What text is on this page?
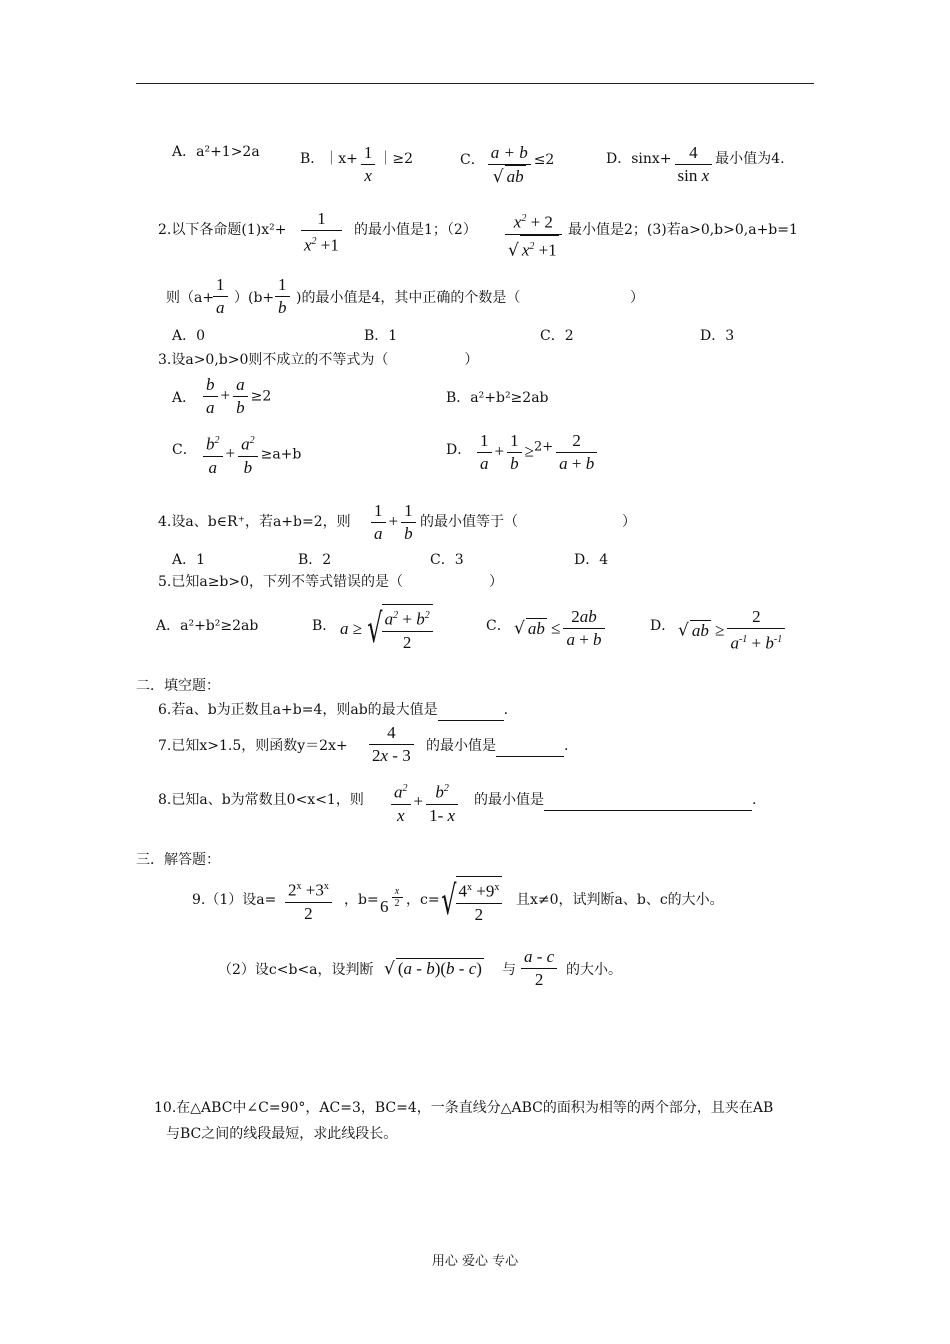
A．a²+1>2a	B．｜x+ $\frac{1}{x}$ ｜≥2	C． $\frac{a + b}{√ ab} \le 2$	D．$\sin x+ \frac{4}{\text{sin x}}$ 最小值为4.
2.以下各命题$(1)x^2+ \frac{1}{x^2 +1}$ 的最小值是1；$(2) \frac{x^2 + 2}{√ x^2 +1}$ 最小值是2；(3)若a>0,b>0,a+b=1
则（a+
$\frac{1}{a} )(b+ \frac{1}{b}$ )的最小值是4，其中正确的个数是（	）
A．0	B．1	C．2	D．3
3.设a>0,b>0则不成立的不等式为（	）
A． $\frac{b}{a} + \frac{a}{b} \ge 2$	B．a²+b²≥2ab
C． $\frac{b^2}{a} + \frac{a^2}{b} \ge a+b$	D． $\frac{1}{a} + \frac{1}{b} \ge 2+ \frac{2}{a + b}$
4.设a、b∈R⁺，若a+b=2，则 $\frac{1}{a} + \frac{1}{b}$ 的最小值等于（	）
A．1	B．2	C．3	D．4
5.已知a≥b>0，下列不等式错误的是（	）
A．a²+b²≥2ab	B． a ≥ √ $\frac{a^2 + b^2}{2}$	C． √ ab ≤ $\frac{2ab}{a + b}$	D． √ ab ≥ $\frac{2}{a^{-1} + b^{-1}}$
二．填空题：
6.若a、b为正数且a+b=4，则ab的最大值是	.
7.已知x>1.5，则函数$y=2x+ \frac{4}{2x - 3}$ 的最小值是	.
8.已知a、b为常数且0<x<1，则 $\frac{a^2}{x} + \frac{b^2}{1- x}$ 的最小值是	.
三．解答题：
9.（1）设$a= \frac{2^x +3^x}{2}$ ，$b= 6 \frac{x}{2}$ ，c= √ $\frac{4^x +9^x}{2}$ 且x≠0，试判断a、b、c的大小。
（2）设c<b<a，设判断 √ (a - b)(b - c) 与 $\frac{a - c}{2}$ 的大小。
10.在△ABC中∠C=90°，AC=3，BC=4，一条直线分△ABC的面积为相等的两个部分，且夹在AB
与BC之间的线段最短，求此线段长。
用心 爱心 专心
